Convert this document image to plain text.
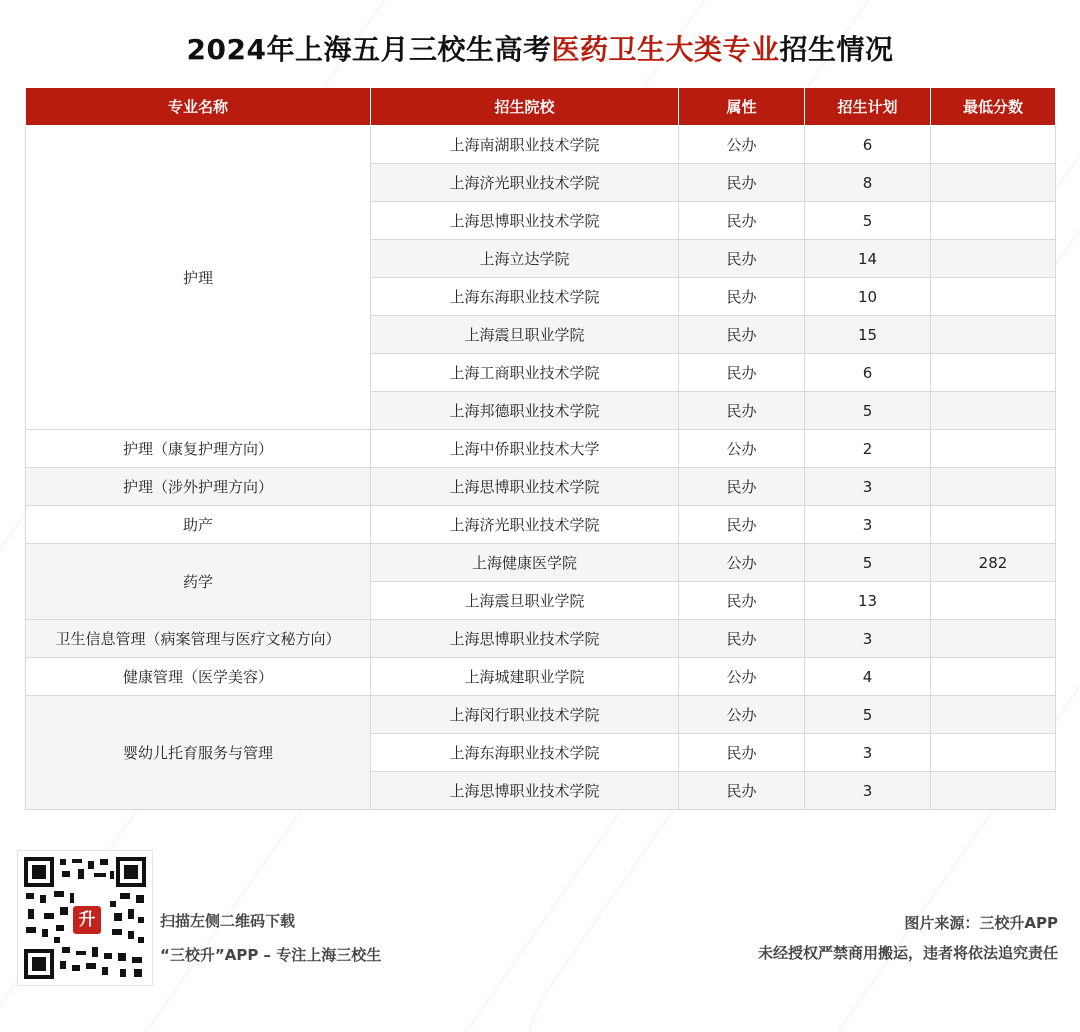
2024年上海五月三校生高考医药卫生大类专业招生情况
专业名称	招生院校	属性	招生计划	最低分数
护理	上海南湖职业技术学院	公办	6	
	上海济光职业技术学院	民办	8	
	上海思博职业技术学院	民办	5	
	上海立达学院	民办	14	
	上海东海职业技术学院	民办	10	
	上海震旦职业学院	民办	15	
	上海工商职业技术学院	民办	6	
	上海邦德职业技术学院	民办	5	
护理（康复护理方向）	上海中侨职业技术大学	公办	2	
护理（涉外护理方向）	上海思博职业技术学院	民办	3	
助产	上海济光职业技术学院	民办	3	
药学	上海健康医学院	公办	5	282
	上海震旦职业学院	民办	13	
卫生信息管理（病案管理与医疗文秘方向）	上海思博职业技术学院	民办	3	
健康管理（医学美容）	上海城建职业学院	公办	4	
婴幼儿托育服务与管理	上海闵行职业技术学院	公办	5	
	上海东海职业技术学院	民办	3	
	上海思博职业技术学院	民办	3	
升	扫描左侧二维码下载
“三校升”APP – 专注上海三校生
图片来源：三校升APP
未经授权严禁商用搬运，违者将依法追究责任
